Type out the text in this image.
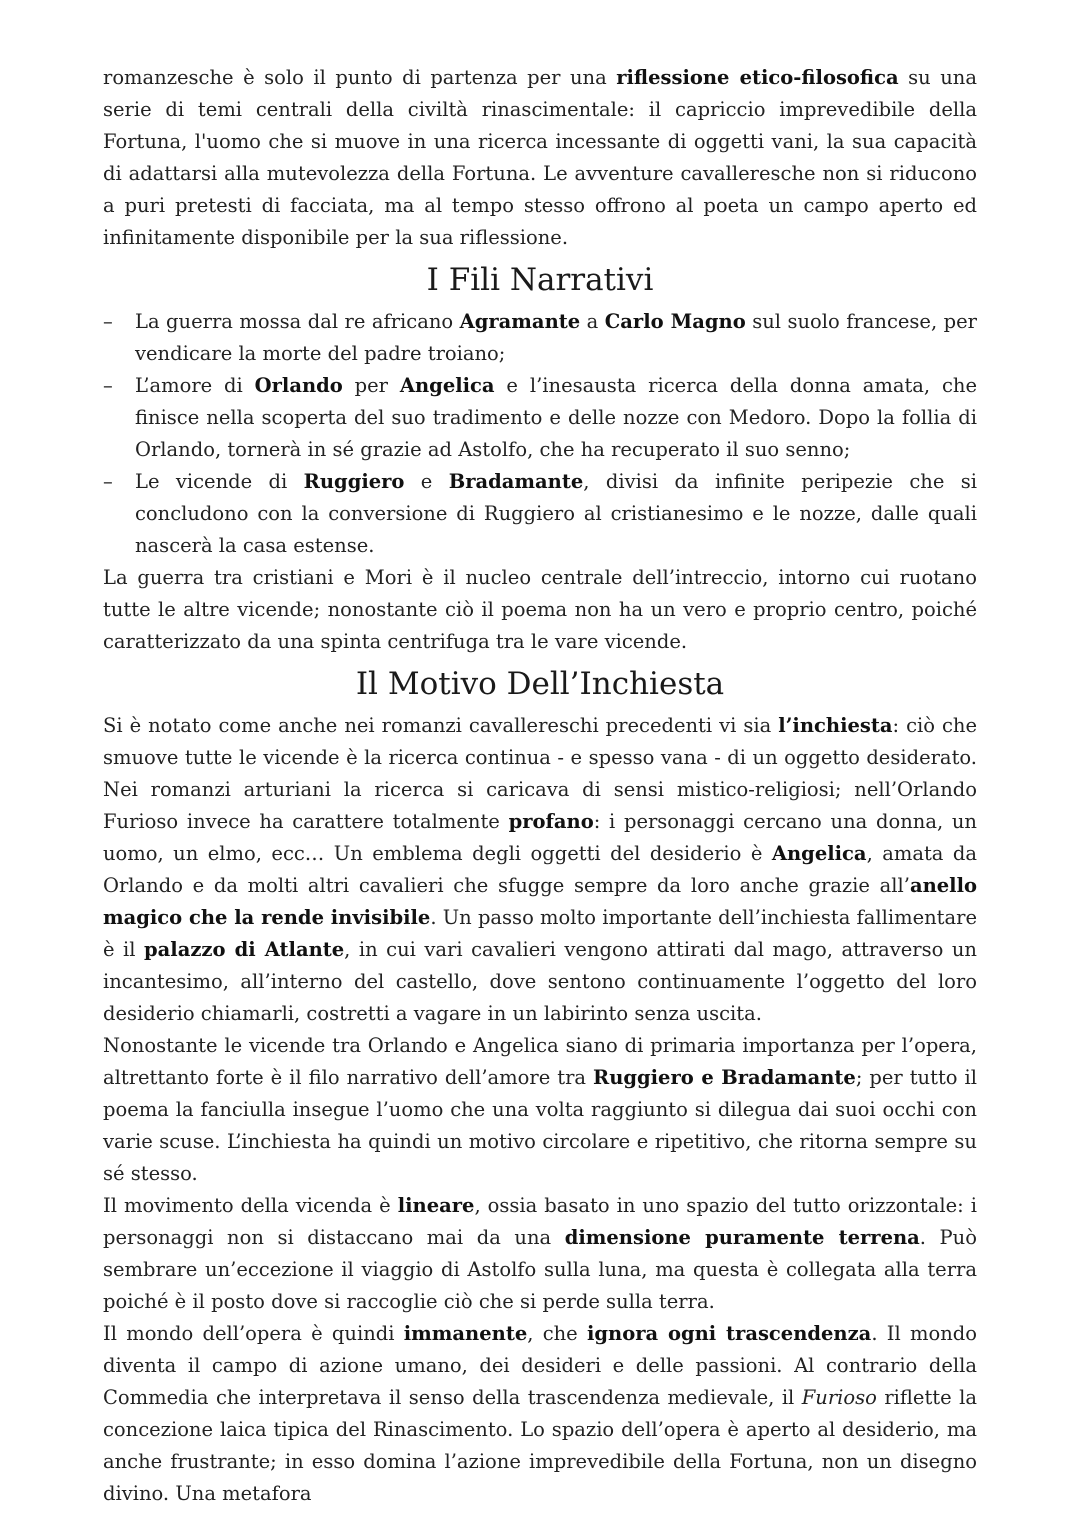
romanzesche è solo il punto di partenza per una riflessione etico-filosofica su una serie di temi centrali della civiltà rinascimentale: il capriccio imprevedibile della Fortuna, l'uomo che si muove in una ricerca incessante di oggetti vani, la sua capacità di adattarsi alla mutevolezza della Fortuna. Le avventure cavalleresche non si riducono a puri pretesti di facciata, ma al tempo stesso offrono al poeta un campo aperto ed infinitamente disponibile per la sua riflessione.

I Fili Narrativi
– La guerra mossa dal re africano Agramante a Carlo Magno sul suolo francese, per vendicare la morte del padre troiano;
– L’amore di Orlando per Angelica e l’inesausta ricerca della donna amata, che finisce nella scoperta del suo tradimento e delle nozze con Medoro. Dopo la follia di Orlando, tornerà in sé grazie ad Astolfo, che ha recuperato il suo senno;
– Le vicende di Ruggiero e Bradamante, divisi da infinite peripezie che si concludono con la conversione di Ruggiero al cristianesimo e le nozze, dalle quali nascerà la casa estense.

La guerra tra cristiani e Mori è il nucleo centrale dell’intreccio, intorno cui ruotano tutte le altre vicende; nonostante ciò il poema non ha un vero e proprio centro, poiché caratterizzato da una spinta centrifuga tra le vare vicende.

Il Motivo Dell’Inchiesta

Si è notato come anche nei romanzi cavallereschi precedenti vi sia l’inchiesta: ciò che smuove tutte le vicende è la ricerca continua - e spesso vana - di un oggetto desiderato. Nei romanzi arturiani la ricerca si caricava di sensi mistico-religiosi; nell’Orlando Furioso invece ha carattere totalmente profano: i personaggi cercano una donna, un uomo, un elmo, ecc… Un emblema degli oggetti del desiderio è Angelica, amata da Orlando e da molti altri cavalieri che sfugge sempre da loro anche grazie all’anello magico che la rende invisibile. Un passo molto importante dell’inchiesta fallimentare è il palazzo di Atlante, in cui vari cavalieri vengono attirati dal mago, attraverso un incantesimo, all’interno del castello, dove sentono continuamente l’oggetto del loro desiderio chiamarli, costretti a vagare in un labirinto senza uscita.

Nonostante le vicende tra Orlando e Angelica siano di primaria importanza per l’opera, altrettanto forte è il filo narrativo dell’amore tra Ruggiero e Bradamante; per tutto il poema la fanciulla insegue l’uomo che una volta raggiunto si dilegua dai suoi occhi con varie scuse. L’inchiesta ha quindi un motivo circolare e ripetitivo, che ritorna sempre su sé stesso.

Il movimento della vicenda è lineare, ossia basato in uno spazio del tutto orizzontale: i personaggi non si distaccano mai da una dimensione puramente terrena. Può sembrare un’eccezione il viaggio di Astolfo sulla luna, ma questa è collegata alla terra poiché è il posto dove si raccoglie ciò che si perde sulla terra.

Il mondo dell’opera è quindi immanente, che ignora ogni trascendenza. Il mondo diventa il campo di azione umano, dei desideri e delle passioni. Al contrario della Commedia che interpretava il senso della trascendenza medievale, il Furioso riflette la concezione laica tipica del Rinascimento. Lo spazio dell’opera è aperto al desiderio, ma anche frustrante; in esso domina l’azione imprevedibile della Fortuna, non un disegno divino. Una metafora
